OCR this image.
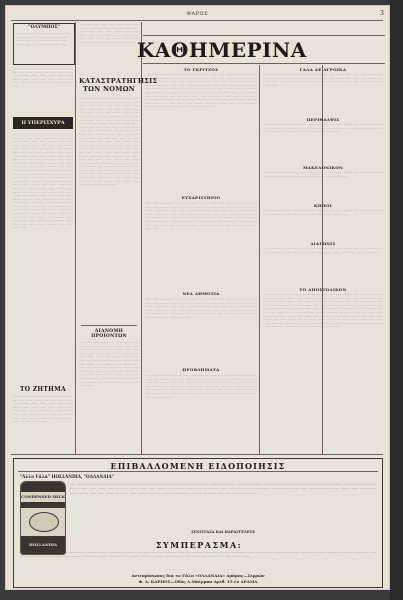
ΦΑΡΟΣ	3
"ΟΛΥΜΠΟΣ"
··· ········· ········ ···· ······· ········ ······ ····· ······· ········· ······ ······ ········ ······· ····· ········ ······· ····· ········ ······· ······ ······ ········ ····· ······· ········ ······· ······ ·····
Η ΥΠΕΡΙΣΧΥΡΑ
····· ······· ······ ········ ······ ······· ········ ······ ···· ······ ······· ········· ······ ······· ······· ······· ······ ········ ······· ······· ········ ······· ······ ········ ······· ········ ······ ······· ······· ········ ······ ········ ······· ······ ········ ······· ········· ······
····· ······· ······ ········ ······ ······· ········ ······ ···· ······ ······· ········· ······ ······· ······· ······· ······ ········ ······· ······· ········ ······· ······ ········ ······· ········ ······ ······· ······· ········ ······ ········ ······· ······ ········ ······· ········· ······ ······· ········ ······ ····· ······ ········ ······· ······ ········ ······· ········· ······ ······· ········ ······ ····· ······ ········ ······· ······ ········ ······· ········· ······ ······· ········ ······ ····· ······ ········ ······· ······ ········ ······· ········· ······ ······· ········ ······ ····· ······ ········ ······· ······ ········ ······· ········· ······ ······· ········ ······ ····· ······ ········ ······· ······ ········ ······· ········· ······ ······· ········ ······ ····· ······ ········ ······· ······ ········ ······· ········· ······ ······· ········ ······ ····· ······ ········ ······· ······ ········ ······· ········· ······ ······· ········ ······ ····· ······ ········ ······· ······ ········ ······· ········· ······ ······· ········ ······ ····· ······ ········ ······· ······ ········ ······· ········· ······ ······· ········ ······ ····· ······ ········ ······· ······ ········ ······· ········· ······ ······· ········ ······ ····· ······ ········ ······· ······ ········ ······· ········· ······ ······· ········ ······ ····· ······ ········ ······· ······ ········ ······· ········· ······ ······· ········ ······ ····· ······ ········ ······· ······ ········ ······· ········· ······ ······· ········ ······
ΤΟ ΖΗΤΗΜΑ
····· ······· ······ ········ ······ ······· ········ ······ ···· ······ ······· ········· ······ ······· ······· ······· ······ ········ ······· ······· ········ ······· ······ ········ ······· ········ ······ ······· ······· ········ ······ ········ ······· ······ ········ ······· ········· ······ ······· ········ ······ ····· ······ ········ ······· ······ ········ ······· ········· ······ ······· ········ ······ ····· ······ ········ ·······
····· ······· ······ ········ ······ ······· ········ ······ ···· ······ ······· ········· ······ ······· ······· ······· ······ ········ ······· ······· ········ ······· ······ ········ ······· ········ ······ ······· ······· ········ ······ ········ ······· ······ ········ ······· ········· ······ ······· ········ ······ ····· ······ ········ ·······
ΚΑΤΑΣΤΡΑΤΗΓΗΣΙΣ ΤΩΝ ΝΟΜΩΝ
····· ······· ······ ········ ······ ······· ········ ······ ···· ······ ······· ········· ······ ······· ······· ······· ······ ········ ······· ······· ········ ······· ······ ········ ······· ········ ······ ······· ······· ········ ······ ········ ······· ······ ········ ······· ········· ······ ······· ········ ······ ····· ······ ········ ······· ······ ········ ······· ········· ······ ······· ········ ······ ····· ······ ········ ······· ······ ········ ······· ········· ······ ······· ········ ······ ····· ······ ········ ······· ······ ········ ······· ········· ······ ······· ········ ······ ····· ······ ········ ······· ······ ········ ······· ········· ······ ······· ········ ······ ····· ······ ········ ······· ······ ········ ······· ········· ······ ······· ········ ······ ····· ······ ········ ······· ······ ········ ······· ········· ······ ······· ········ ······ ····· ······ ········ ······· ······ ········ ······· ········· ······ ······· ········ ······ ····· ······ ········ ······· ······ ········ ······· ········· ······ ······· ········ ······ ····· ······ ········ ······· ······ ········ ······· ········· ······ ······· ········ ······ ····· ······ ········ ······· ······ ········ ······· ········· ······ ······· ········ ······ ····· ······ ········ ······· ······ ········ ······· ········· ······ ······· ········ ······ ····· ······ ········ ······· ······ ········ ······· ········· ······ ······· ········ ······
ΔΙΑΝΟΜΗ ΠΡΟΪΟΝΤΩΝ
····· ······· ······ ········ ······ ······· ········ ······ ···· ······ ······· ········· ······ ······· ······· ······· ······ ········ ······· ······· ········ ······· ······ ········ ······· ········ ······ ······· ······· ········ ······ ········ ······· ······ ········ ······· ········· ······ ······· ········ ······ ····· ······ ········ ······· ······ ········ ······· ········· ······ ······· ········ ······ ····· ······ ········ ······· ······ ········ ······· ········· ······ ······· ········ ······ ····· ······ ········ ······· ······ ········ ······· ········· ······ ······· ········ ······ ····· ······ ········ ······· ······ ········ ······· ········· ······ ······· ········ ······ ····· ······ ········ ·······
ΚΑΘΗΜΕΡΙΝΑ
ΤΟ ΓΚΡΙΤΖΟΣ
····· ······· ······ ········ ······ ······· ········ ······ ···· ······ ······· ········· ······ ······· ······· ······· ······ ········ ······· ······· ········ ······· ······ ········ ······· ········ ······ ······· ······· ········ ······ ········ ······· ······ ········ ······· ········· ······ ······· ········ ······ ····· ······ ········ ······· ······ ········ ······· ········· ······ ······· ········ ······ ····· ······ ········ ······· ······ ········ ······· ········· ······ ······· ········ ······ ····· ······ ········ ······· ······ ········ ······· ········· ······ ······· ········ ······ ····· ······ ········ ······· ······ ········ ······· ········· ······ ······· ········ ······ ····· ······ ········ ······· ······ ········ ······· ········· ······ ······· ········ ······ ····· ······ ········ ······· ······ ········ ······· ········· ······ ······· ········ ······ ····· ······ ········ ······· ······ ········ ······· ········· ······ ······· ········ ······ ····· ······ ········ ······· ······ ········ ······· ········· ······ ······· ········ ······
ΕΥΧΑΡΙΣΤΗΡΙΟ
····· ······· ······ ········ ······ ······· ········ ······ ···· ······ ······· ········· ······ ······· ······· ······· ······ ········ ······· ······· ········ ······· ······ ········ ······· ········ ······ ······· ······· ········ ······ ········ ······· ······ ········ ······· ········· ······ ······· ········ ······ ····· ······ ········ ······· ······ ········ ······· ········· ······ ······· ········ ······ ····· ······ ········ ······· ······ ········ ······· ········· ······ ······· ········ ······ ····· ······ ········ ······· ······ ········ ······· ········· ······ ······· ········ ······ ····· ······ ········ ······· ······ ········ ······· ········· ······ ······· ········ ······ ····· ······ ········ ······· ······ ········ ······· ········· ······ ······· ········ ······
ΝΕΑ ΔΗΜΟΣΙΑ
····· ······· ······ ········ ······ ······· ········ ······ ···· ······ ······· ········· ······ ······· ······· ······· ······ ········ ······· ······· ········ ······· ······ ········ ······· ········ ······ ······· ······· ········ ······ ········ ······· ······ ········ ······· ········· ······ ······· ········ ······ ····· ······ ········ ······· ······ ········ ······· ········· ······ ······· ········ ······ ····· ······ ········ ······· ······ ········ ······· ········· ······ ······· ········ ······ ····· ······ ········ ······· ······ ········ ······· ········· ······ ······· ········ ······
ΠΡΟΒΛΗΜΑΤΑ
····· ······· ······ ········ ······ ······· ········ ······ ···· ······ ······· ········· ······ ······· ······· ······· ······ ········ ······· ······· ········ ······· ······ ········ ······· ········ ······ ······· ······· ········ ······ ········ ······· ······ ········ ······· ········· ······ ······· ········ ······ ····· ······ ········ ······· ······ ········ ······· ········· ······ ······· ········ ······ ····· ······ ········ ······· ······ ········ ······· ········· ······ ······· ········ ······ ····· ······ ········ ······· ······ ········ ······· ········· ······ ······· ········ ······ ····· ······ ········ ······· ······ ········ ······· ········· ······ ······· ········ ······
ΓΑΛΑ ΔΕ ΑΓΡΟΙΚΑ
····· ······· ······ ········ ······ ······· ········ ······ ···· ······ ······· ········· ······ ······· ······· ······· ······ ········ ······· ······· ········ ······· ······ ········ ······· ········ ······ ······· ······· ········ ······ ········ ······· ······ ········ ······· ········· ······ ······· ········ ······ ····· ······ ········ ······· ······ ········ ·······
ΠΕΡΙΘΑΛΨΙΣ
····· ······· ······ ········ ······ ······· ········ ······ ···· ······ ······· ········· ······ ······· ······· ······· ······ ········ ······· ······· ········ ······· ······ ········ ······· ········ ······ ······· ······· ········ ······ ········ ······· ······ ········ ······· ········· ······ ······· ········ ······
ΜΑΚΕΔΟΝΙΚΟΝ
····· ······· ······ ········ ······ ······· ········ ······ ···· ······ ······· ········· ······ ······· ······· ······· ······ ········ ······· ······· ········ ······· ······ ········ ······· ········ ······
ΚΗΠΟΙ
····· ······· ······ ········ ······ ······· ········ ······ ···· ······ ······· ········· ······ ······· ······· ······· ······ ········ ······· ······· ········ ······· ······ ········ ······· ········ ······
ΔΙΑΓΩΝΙΣ
····· ······· ······ ········ ······ ······· ········ ······ ···· ······ ······· ········· ······ ······· ······· ······· ······ ········ ······· ······· ········ ······· ······ ········ ······· ········ ······ ······· ······· ········ ······
ΤΟ ΑΠΟΣΤΟΛΙΚΟΝ
····· ······· ······ ········ ······ ······· ········ ······ ···· ······ ······· ········· ······ ······· ······· ······· ······ ········ ······· ······· ········ ······· ······ ········ ······· ········ ······ ······· ······· ········ ······ ········ ······· ······ ········ ······· ········· ······ ······· ········ ······ ····· ······ ········ ······· ······ ········ ······· ········· ······ ······· ········ ······ ····· ······ ········ ······· ······ ········ ······· ········· ······ ······· ········ ······ ····· ······ ········ ······· ······ ········ ······· ········· ······ ······· ········ ······ ····· ······ ········ ······· ······ ········ ······· ········· ······ ······· ········ ······ ····· ······ ········ ······· ······ ········ ······· ········· ······ ······· ········ ······ ····· ······ ········ ······· ······ ········ ······· ········· ······ ······· ········ ······ ····· ······ ········ ······· ······ ········ ······· ········· ······ ······· ········ ······ ····· ······ ········ ······· ······ ········ ······· ········· ······ ······· ········ ······ ····· ······ ········ ······· ······ ········ ······· ········· ······ ······· ········ ······
ΕΠΙΒΑΛΛΟΜΕΝΗ ΕΙΔΟΠΟΙΗΣΙΣ
"Άλλο Γάλα" HOLLANDIA, "ΟΛΛΑΝΔΙΑ"
CONDENSED MILK
HOLLANDIA
····· ······· ······ ········ ······ ······· ········ ······ ···· ······ ······· ········· ······ ······· ······· ······· ······ ········ ······· ······· ········ ······· ······ ········ ······· ········ ······ ······· ······· ········ ······ ········ ······· ······ ········ ······· ········· ······ ······· ········ ······ ····· ······ ········ ······· ······ ········ ······· ········· ······ ······· ········ ······ ····· ······ ········ ······· ······ ········ ······· ········· ······ ······· ········ ······ ····· ······ ········ ······· ······ ········ ······· ········· ······ ······· ········ ······ ····· ······ ········ ······· ······ ········ ······· ········· ······ ······· ········ ······ ····· ······ ········ ·······
ΣΥΝΙΣΤΑΣΑ ΚΑΙ ΠΑΡΑΓΓΕΛΕΤΕ
ΣΥΜΠΕΡΑΣΜΑ:
····· ······· ······ ········ ······ ······· ········ ······ ···· ······ ······· ········· ······ ······· ······· ······· ······ ········ ······· ······· ········ ······· ······ ········ ······· ········ ······ ······· ······· ········ ······ ········ ······· ······ ········ ······· ········· ······ ······· ········ ······ ····· ······ ········ ······· ······ ········ ······· ········· ······ ······· ········ ······ ····· ······ ········ ······· ······ ········ ······· ········· ······ ······· ········ ······ ····· ······ ········ ·······
Αντιπρόσωπος διά το Γάλα «ΟΛΛΑΝΔΙΑ» Δράμας—Σερρών
Φ. Δ. ΚΑΡΠΟΣ—Οδὸς Δ.Μπίρμπα Αριθ. 15 ἐν ΔΡΑΜΑ
